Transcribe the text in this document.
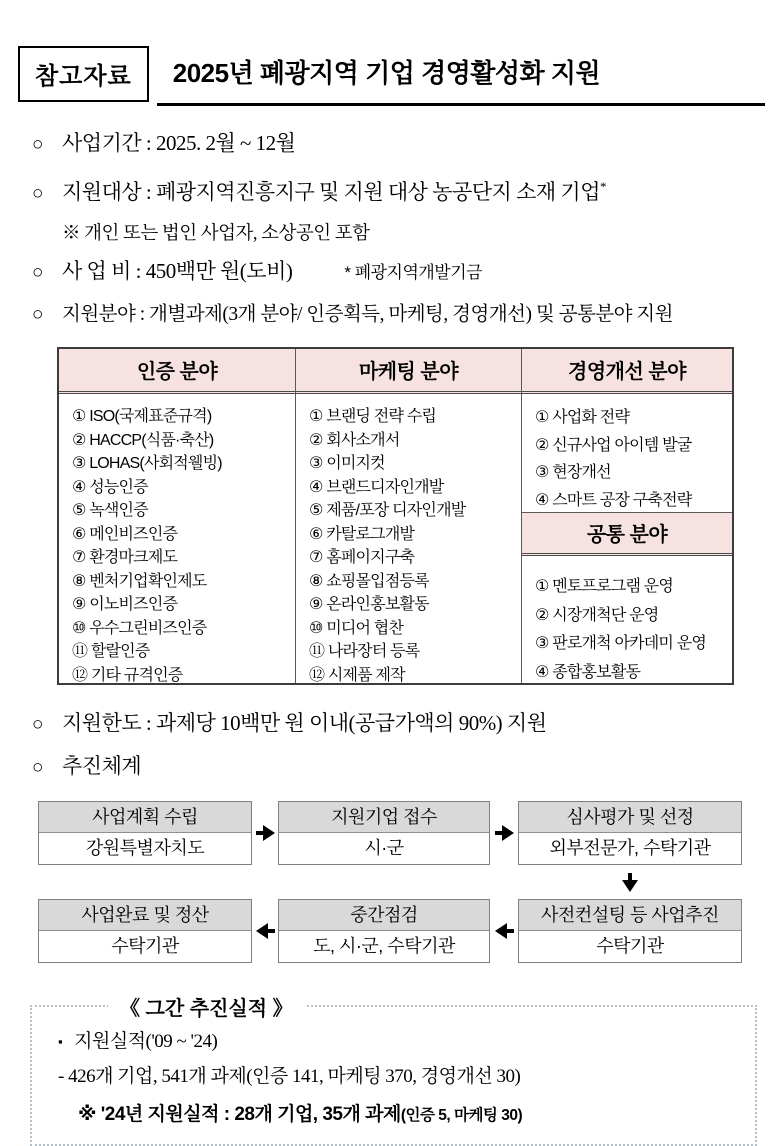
참고자료	2025년 폐광지역 기업 경영활성화 지원
○ 사업기간 : 2025. 2월 ~ 12월
○ 지원대상 : 폐광지역진흥지구 및 지원 대상 농공단지 소재 기업*
※ 개인 또는 법인 사업자, 소상공인 포함
○ 사 업 비 : 450백만 원(도비)	* 폐광지역개발기금
○ 지원분야 : 개별과제(3개 분야/ 인증획득, 마케팅, 경영개선) 및 공통분야 지원
인증 분야
① ISO(국제표준규격)
② HACCP(식품·축산)
③ LOHAS(사회적웰빙)
④ 성능인증
⑤ 녹색인증
⑥ 메인비즈인증
⑦ 환경마크제도
⑧ 벤처기업확인제도
⑨ 이노비즈인증
⑩ 우수그린비즈인증
⑪ 할랄인증
⑫ 기타 규격인증
마케팅 분야
① 브랜딩 전략 수립
② 회사소개서
③ 이미지컷
④ 브랜드디자인개발
⑤ 제품/포장 디자인개발
⑥ 카탈로그개발
⑦ 홈페이지구축
⑧ 쇼핑몰입점등록
⑨ 온라인홍보활동
⑩ 미디어 협찬
⑪ 나라장터 등록
⑫ 시제품 제작
경영개선 분야
① 사업화 전략
② 신규사업 아이템 발굴
③ 현장개선
④ 스마트 공장 구축전략
공통 분야
① 멘토프로그램 운영
② 시장개척단 운영
③ 판로개척 아카데미 운영
④ 종합홍보활동
○ 지원한도 : 과제당 10백만 원 이내(공급가액의 90%) 지원
○ 추진체계
사업계획 수립
강원특별자치도
지원기업 접수
시·군
심사평가 및 선정
외부전문가, 수탁기관
사업완료 및 정산
수탁기관
중간점검
도, 시·군, 수탁기관
사전컨설팅 등 사업추진
수탁기관
《 그간 추진실적 》
▪ 지원실적('09 ~ '24)
- 426개 기업, 541개 과제(인증 141, 마케팅 370, 경영개선 30)
※ '24년 지원실적 : 28개 기업, 35개 과제(인증 5, 마케팅 30)
